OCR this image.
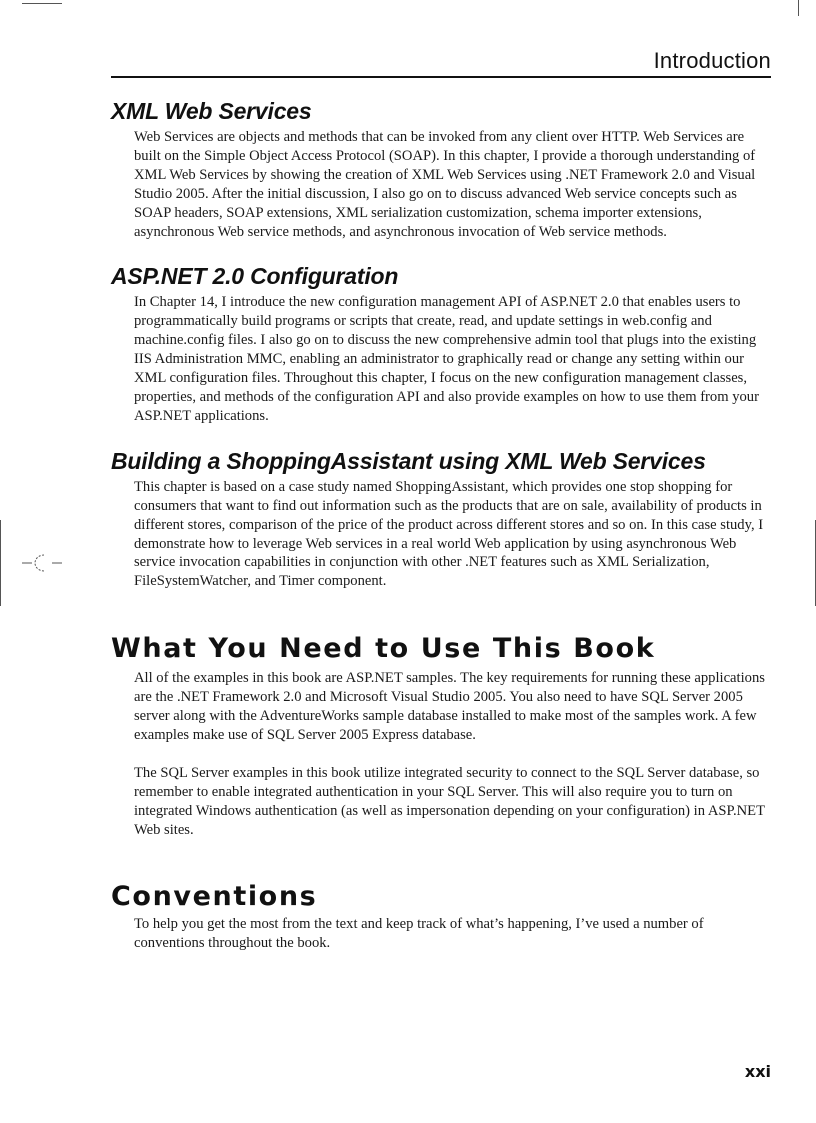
Introduction
XML Web Services

Web Services are objects and methods that can be invoked from any client over HTTP. Web Services are built on the Simple Object Access Protocol (SOAP). In this chapter, I provide a thorough understanding of XML Web Services by showing the creation of XML Web Services using .NET Framework 2.0 and Visual Studio 2005. After the initial discussion, I also go on to discuss advanced Web service concepts such as SOAP headers, SOAP extensions, XML serialization customization, schema importer extensions, asynchronous Web service methods, and asynchronous invocation of Web service methods.

ASP.NET 2.0 Configuration

In Chapter 14, I introduce the new configuration management API of ASP.NET 2.0 that enables users to programmatically build programs or scripts that create, read, and update settings in web.config and machine.config files. I also go on to discuss the new comprehensive admin tool that plugs into the existing IIS Administration MMC, enabling an administrator to graphically read or change any setting within our XML configuration files. Throughout this chapter, I focus on the new configuration management classes, properties, and methods of the configuration API and also provide examples on how to use them from your ASP.NET applications.

Building a ShoppingAssistant using XML Web Services

This chapter is based on a case study named ShoppingAssistant, which provides one stop shopping for consumers that want to find out information such as the products that are on sale, availability of products in different stores, comparison of the price of the product across different stores and so on. In this case study, I demonstrate how to leverage Web services in a real world Web application by using asynchronous Web service invocation capabilities in conjunction with other .NET features such as XML Serialization, FileSystemWatcher, and Timer component.

What You Need to Use This Book

All of the examples in this book are ASP.NET samples. The key requirements for running these applications are the .NET Framework 2.0 and Microsoft Visual Studio 2005. You also need to have SQL Server 2005 server along with the AdventureWorks sample database installed to make most of the samples work. A few examples make use of SQL Server 2005 Express database.

The SQL Server examples in this book utilize integrated security to connect to the SQL Server database, so remember to enable integrated authentication in your SQL Server. This will also require you to turn on integrated Windows authentication (as well as impersonation depending on your configuration) in ASP.NET Web sites.

Conventions

To help you get the most from the text and keep track of what’s happening, I’ve used a number of conventions throughout the book.

xxi
